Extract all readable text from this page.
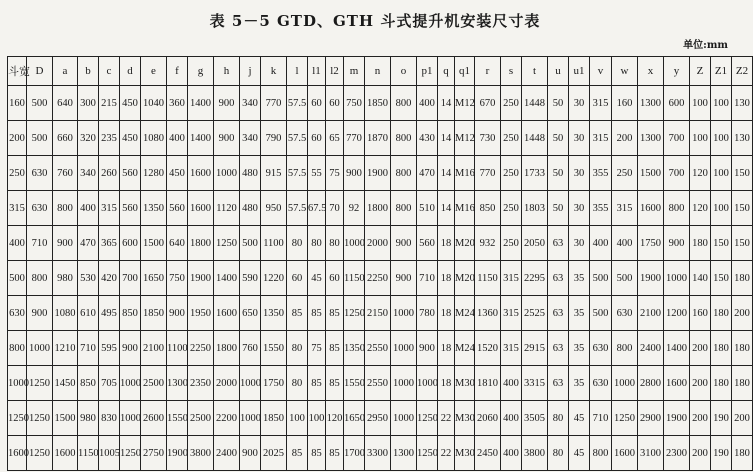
表 5－5 GTD、GTH 斗式提升机安装尺寸表
单位:mm
斗宽	D	a	b	c	d	e	f	g	h	j	k	l	l1	l2	m	n	o	p1	q	q1	r	s	t	u	u1	v	w	x	y	Z	Z1	Z2
160	500	640	300	215	450	1040	360	1400	900	340	770	57.5	60	60	750	1850	800	400	14	M12	670	250	1448	50	30	315	160	1300	600	100	100	130
200	500	660	320	235	450	1080	400	1400	900	340	790	57.5	60	65	770	1870	800	430	14	M12	730	250	1448	50	30	315	200	1300	700	100	100	130
250	630	760	340	260	560	1280	450	1600	1000	480	915	57.5	55	75	900	1900	800	470	14	M16	770	250	1733	50	30	355	250	1500	700	120	100	150
315	630	800	400	315	560	1350	560	1600	1120	480	950	57.5	67.5	70	92	1800	800	510	14	M16	850	250	1803	50	30	355	315	1600	800	120	100	150
400	710	900	470	365	600	1500	640	1800	1250	500	1100	80	80	80	1000	2000	900	560	18	M20	932	250	2050	63	30	400	400	1750	900	180	150	150
500	800	980	530	420	700	1650	750	1900	1400	590	1220	60	45	60	1150	2250	900	710	18	M20	1150	315	2295	63	35	500	500	1900	1000	140	150	180
630	900	1080	610	495	850	1850	900	1950	1600	650	1350	85	85	85	1250	2150	1000	780	18	M24	1360	315	2525	63	35	500	630	2100	1200	160	180	200
800	1000	1210	710	595	900	2100	1100	2250	1800	760	1550	80	75	85	1350	2550	1000	900	18	M24	1520	315	2915	63	35	630	800	2400	1400	200	180	180
1000	1250	1450	850	705	1000	2500	1300	2350	2000	1000	1750	80	85	85	1550	2550	1000	1000	18	M30	1810	400	3315	63	35	630	1000	2800	1600	200	180	180
1250	1250	1500	980	830	1000	2600	1550	2500	2200	1000	1850	100	100	120	1650	2950	1000	1250	22	M30	2060	400	3505	80	45	710	1250	2900	1900	200	190	200
1600	1250	1600	1150	1005	1250	2750	1900	3800	2400	900	2025	85	85	85	1700	3300	1300	1250	22	M30	2450	400	3800	80	45	800	1600	3100	2300	200	190	180
